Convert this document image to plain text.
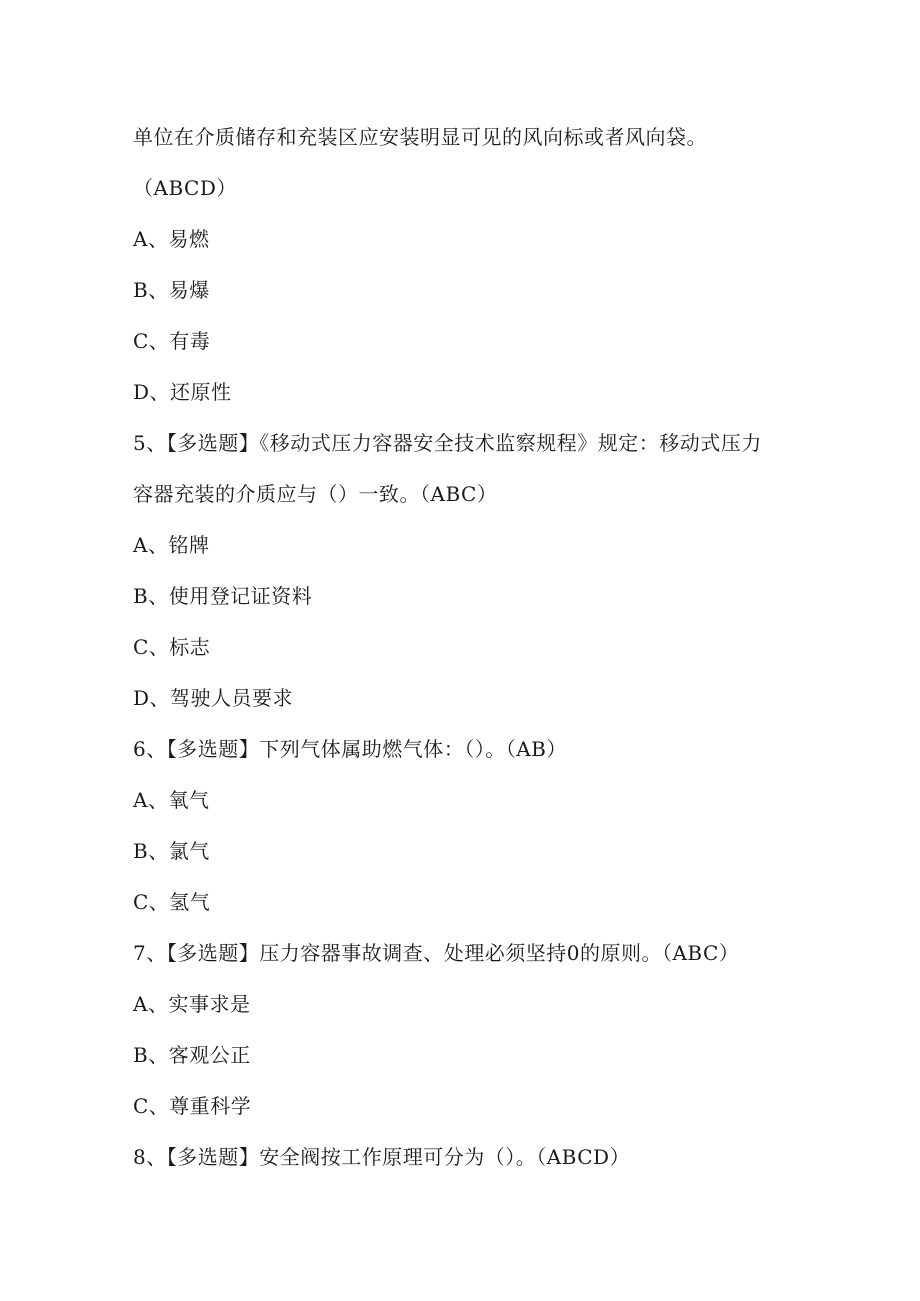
单位在介质储存和充装区应安装明显可见的风向标或者风向袋。
（ABCD）
A、易燃
B、易爆
C、有毒
D、还原性
5、【多选题】《移动式压力容器安全技术监察规程》规定：移动式压力
容器充装的介质应与（）一致。（ABC）
A、铭牌
B、使用登记证资料
C、标志
D、驾驶人员要求
6、【多选题】下列气体属助燃气体：（）。（AB）
A、氧气
B、氯气
C、氢气
7、【多选题】压力容器事故调查、处理必须坚持0的原则。（ABC）
A、实事求是
B、客观公正
C、尊重科学
8、【多选题】安全阀按工作原理可分为（）。（ABCD）
